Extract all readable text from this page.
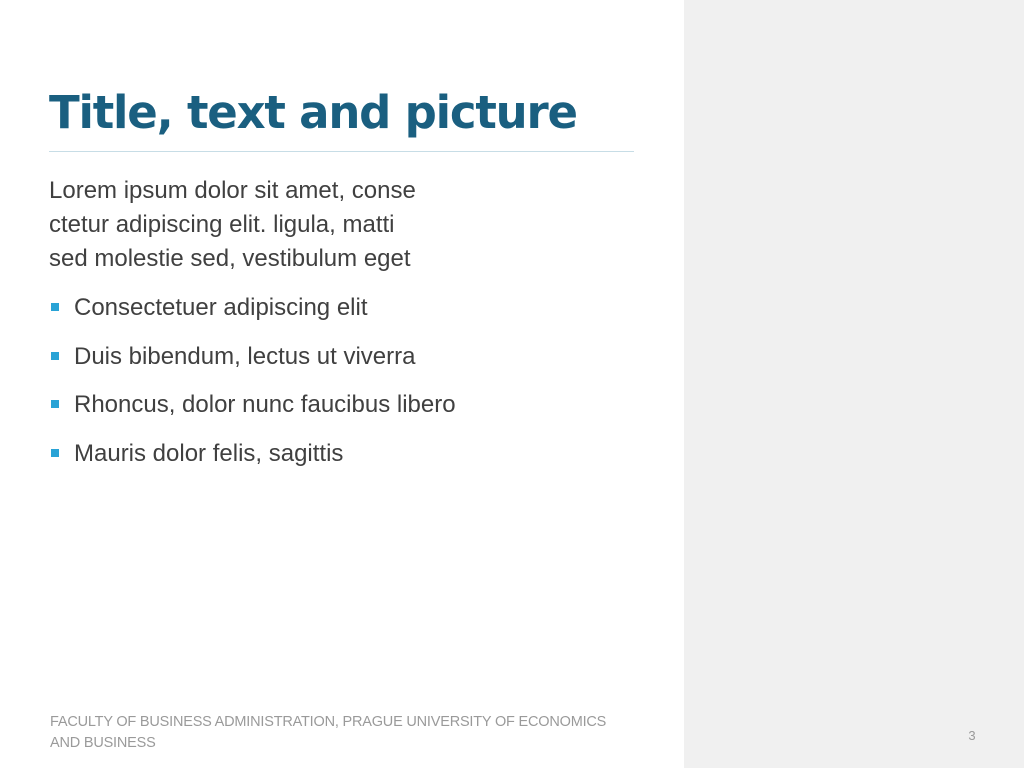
Title, text and picture

Lorem ipsum dolor sit amet, conse
ctetur adipiscing elit. ligula, matti
sed molestie sed, vestibulum eget

Consectetuer adipiscing elit
Duis bibendum, lectus ut viverra
Rhoncus, dolor nunc faucibus libero
Mauris dolor felis, sagittis

FACULTY OF BUSINESS ADMINISTRATION, PRAGUE UNIVERSITY OF ECONOMICS
AND BUSINESS	3
